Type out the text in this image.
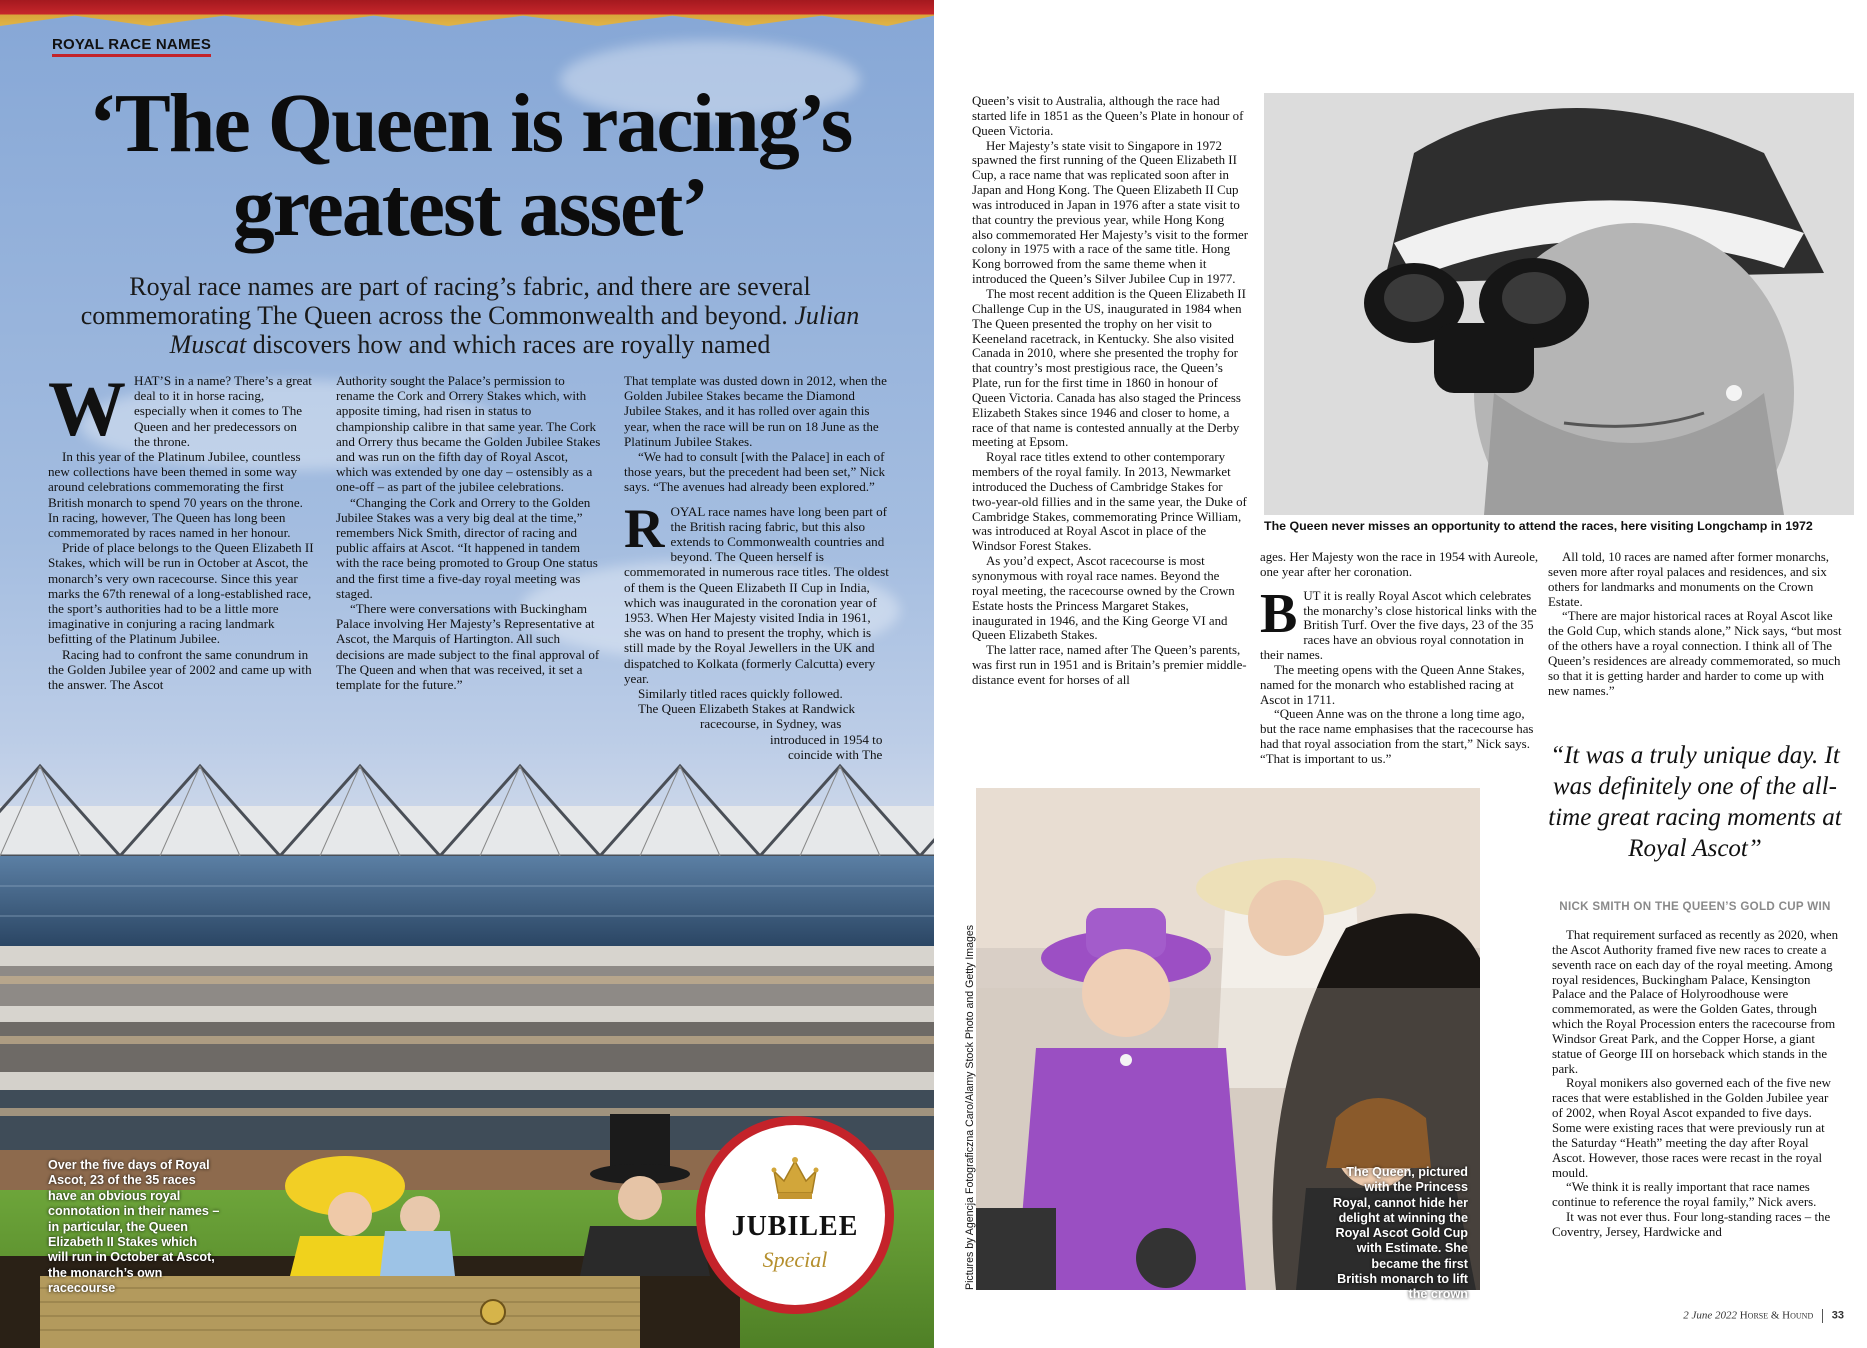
ROYAL RACE NAMES
‘The Queen is racing’s
greatest asset’
Royal race names are part of racing’s fabric, and there are several commemorating The Queen across the Commonwealth and beyond. Julian Muscat discovers how and which races are royally named

WHAT’S in a name? There’s a great deal to it in horse racing, especially when it comes to The Queen and her predecessors on the throne.

In this year of the Platinum Jubilee, countless new collections have been themed in some way around celebrations commemorating the first British monarch to spend 70 years on the throne. In racing, however, The Queen has long been commemorated by races named in her honour.

Pride of place belongs to the Queen Elizabeth II Stakes, which will be run in October at Ascot, the monarch’s very own racecourse. Since this year marks the 67th renewal of a long-established race, the sport’s authorities had to be a little more imaginative in conjuring a racing landmark befitting of the Platinum Jubilee.

Racing had to confront the same conundrum in the Golden Jubilee year of 2002 and came up with the answer. The Ascot

Authority sought the Palace’s permission to rename the Cork and Orrery Stakes which, with apposite timing, had risen in status to championship calibre in that same year. The Cork and Orrery thus became the Golden Jubilee Stakes and was run on the fifth day of Royal Ascot, which was extended by one day – ostensibly as a one-off – as part of the jubilee celebrations.

“Changing the Cork and Orrery to the Golden Jubilee Stakes was a very big deal at the time,” remembers Nick Smith, director of racing and public affairs at Ascot. “It happened in tandem with the race being promoted to Group One status and the first time a five-day royal meeting was staged.

“There were conversations with Buckingham Palace involving Her Majesty’s Representative at Ascot, the Marquis of Hartington. All such decisions are made subject to the final approval of The Queen and when that was received, it set a template for the future.”

That template was dusted down in 2012, when the Golden Jubilee Stakes became the Diamond Jubilee Stakes, and it has rolled over again this year, when the race will be run on 18 June as the Platinum Jubilee Stakes.

“We had to consult [with the Palace] in each of those years, but the precedent had been set,” Nick says. “The avenues had already been explored.”

ROYAL race names have long been part of the British racing fabric, but this also extends to Commonwealth countries and beyond. The Queen herself is commemorated in numerous race titles. The oldest of them is the Queen Elizabeth II Cup in India, which was inaugurated in the coronation year of 1953. When Her Majesty visited India in 1961, she was on hand to present the trophy, which is still made by the Royal Jewellers in the UK and dispatched to Kolkata (formerly Calcutta) every year.

Similarly titled races quickly followed.

The Queen Elizabeth Stakes at Randwick

racecourse, in Sydney, was

introduced in 1954 to

coincide with The

Over the five days of Royal Ascot, 23 of the 35 races have an obvious royal connotation in their names – in particular, the Queen Elizabeth II Stakes which will run in October at Ascot, the monarch’s own racecourse
JUBILEE
Special

Queen’s visit to Australia, although the race had started life in 1851 as the Queen’s Plate in honour of Queen Victoria.

Her Majesty’s state visit to Singapore in 1972 spawned the first running of the Queen Elizabeth II Cup, a race name that was replicated soon after in Japan and Hong Kong. The Queen Elizabeth II Cup was introduced in Japan in 1976 after a state visit to that country the previous year, while Hong Kong also commemorated Her Majesty’s visit to the former colony in 1975 with a race of the same title. Hong Kong borrowed from the same theme when it introduced the Queen’s Silver Jubilee Cup in 1977.

The most recent addition is the Queen Elizabeth II Challenge Cup in the US, inaugurated in 1984 when The Queen presented the trophy on her visit to Keeneland racetrack, in Kentucky. She also visited Canada in 2010, where she presented the trophy for that country’s most prestigious race, the Queen’s Plate, run for the first time in 1860 in honour of Queen Victoria. Canada has also staged the Princess Elizabeth Stakes since 1946 and closer to home, a race of that name is contested annually at the Derby meeting at Epsom.

Royal race titles extend to other contemporary members of the royal family. In 2013, Newmarket introduced the Duchess of Cambridge Stakes for two-year-old fillies and in the same year, the Duke of Cambridge Stakes, commemorating Prince William, was introduced at Royal Ascot in place of the Windsor Forest Stakes.

As you’d expect, Ascot racecourse is most synonymous with royal race names. Beyond the royal meeting, the racecourse owned by the Crown Estate hosts the Princess Margaret Stakes, inaugurated in 1946, and the King George VI and Queen Elizabeth Stakes.

The latter race, named after The Queen’s parents, was first run in 1951 and is Britain’s premier middle-distance event for horses of all

The Queen never misses an opportunity to attend the races, here visiting Longchamp in 1972

ages. Her Majesty won the race in 1954 with Aureole, one year after her coronation.

BUT it is really Royal Ascot which celebrates the monarchy’s close historical links with the British Turf. Over the five days, 23 of the 35 races have an obvious royal connotation in their names.

The meeting opens with the Queen Anne Stakes, named for the monarch who established racing at Ascot in 1711.

“Queen Anne was on the throne a long time ago, but the race name emphasises that the racecourse has had that royal association from the start,” Nick says. “That is important to us.”

All told, 10 races are named after former monarchs, seven more after royal palaces and residences, and six others for landmarks and monuments on the Crown Estate.

“There are major historical races at Royal Ascot like the Gold Cup, which stands alone,” Nick says, “but most of the others have a royal connection. I think all of The Queen’s residences are already commemorated, so much so that it is getting harder and harder to come up with new names.”

Pictures by Agencja Fotograficzna Caro/Alamy Stock Photo and Getty Images	The Queen, pictured with the Princess Royal, cannot hide her delight at winning the Royal Ascot Gold Cup with Estimate. She became the first British monarch to lift the crown
“It was a truly unique day. It was definitely one of the all-time great racing moments at Royal Ascot”
NICK SMITH ON THE QUEEN’S GOLD CUP WIN

That requirement surfaced as recently as 2020, when the Ascot Authority framed five new races to create a seventh race on each day of the royal meeting. Among royal residences, Buckingham Palace, Kensington Palace and the Palace of Holyroodhouse were commemorated, as were the Golden Gates, through which the Royal Procession enters the racecourse from Windsor Great Park, and the Copper Horse, a giant statue of George III on horseback which stands in the park.

Royal monikers also governed each of the five new races that were established in the Golden Jubilee year of 2002, when Royal Ascot expanded to five days. Some were existing races that were previously run at the Saturday “Heath” meeting the day after Royal Ascot. However, those races were recast in the royal mould.

“We think it is really important that race names continue to reference the royal family,” Nick avers.

It was not ever thus. Four long-standing races – the Coventry, Jersey, Hardwicke and

2 June 2022 Horse & Hound 33
